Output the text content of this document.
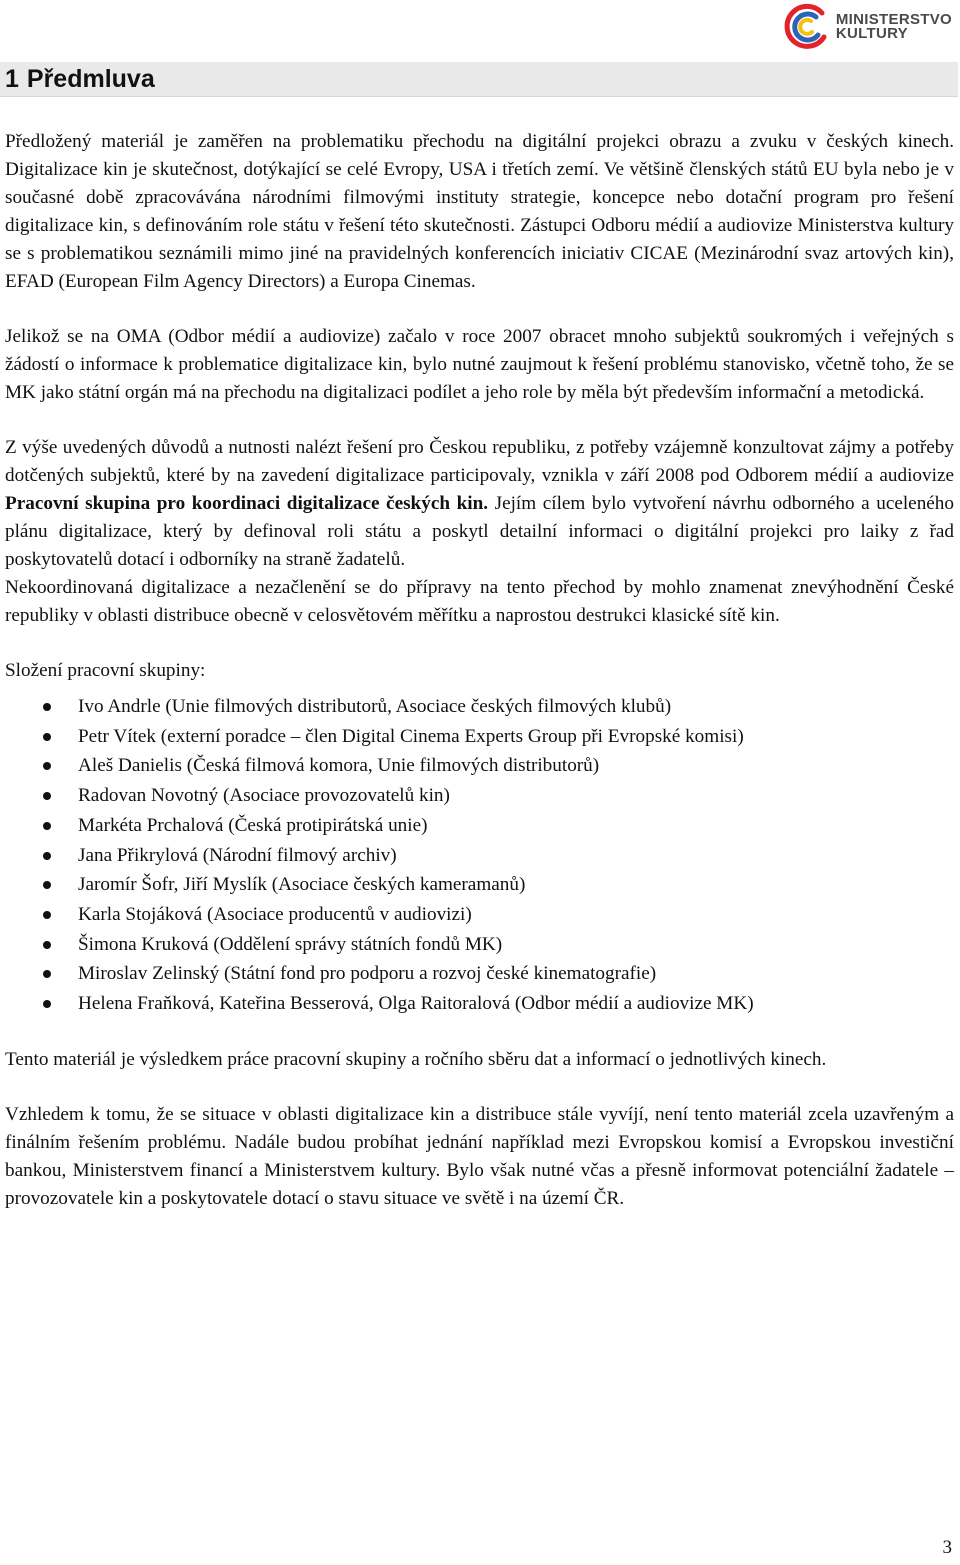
MINISTERSTVO
KULTURY
1 Předmluva

Předložený materiál je zaměřen na problematiku přechodu na digitální projekci obrazu a zvuku v českých kinech. Digitalizace kin je skutečnost, dotýkající se celé Evropy, USA i třetích zemí. Ve většině členských států EU byla nebo je v současné době zpracovávána národními filmovými instituty strategie, koncepce nebo dotační program pro řešení digitalizace kin, s definováním role státu v řešení této skutečnosti. Zástupci Odboru médií a audiovize Ministerstva kultury se s problematikou seznámili mimo jiné na pravidelných konferencích iniciativ CICAE (Mezinárodní svaz artových kin), EFAD (European Film Agency Directors) a Europa Cinemas.

Jelikož se na OMA (Odbor médií a audiovize) začalo v roce 2007 obracet mnoho subjektů soukromých i veřejných s žádostí o informace k problematice digitalizace kin, bylo nutné zaujmout k řešení problému stanovisko, včetně toho, že se MK jako státní orgán má na přechodu na digitalizaci podílet a jeho role by měla být především informační a metodická.

Z výše uvedených důvodů a nutnosti nalézt řešení pro Českou republiku, z potřeby vzájemně konzultovat zájmy a potřeby dotčených subjektů, které by na zavedení digitalizace participovaly, vznikla v září 2008 pod Odborem médií a audiovize Pracovní skupina pro koordinaci digitalizace českých kin. Jejím cílem bylo vytvoření návrhu odborného a uceleného plánu digitalizace, který by definoval roli státu a poskytl detailní informaci o digitální projekci pro laiky z řad poskytovatelů dotací i odborníky na straně žadatelů.

Nekoordinovaná digitalizace a nezačlenění se do přípravy na tento přechod by mohlo znamenat znevýhodnění České republiky v oblasti distribuce obecně v celosvětovém měřítku a naprostou destrukci klasické sítě kin.

Složení pracovní skupiny:

Ivo Andrle (Unie filmových distributorů, Asociace českých filmových klubů)
Petr Vítek (externí poradce – člen Digital Cinema Experts Group při Evropské komisi)
Aleš Danielis (Česká filmová komora, Unie filmových distributorů)
Radovan Novotný (Asociace provozovatelů kin)
Markéta Prchalová (Česká protipirátská unie)
Jana Přikrylová (Národní filmový archiv)
Jaromír Šofr, Jiří Myslík (Asociace českých kameramanů)
Karla Stojáková (Asociace producentů v audiovizi)
Šimona Kruková (Oddělení správy státních fondů MK)
Miroslav Zelinský (Státní fond pro podporu a rozvoj české kinematografie)
Helena Fraňková, Kateřina Besserová, Olga Raitoralová (Odbor médií a audiovize MK)

Tento materiál je výsledkem práce pracovní skupiny a ročního sběru dat a informací o jednotlivých kinech.

Vzhledem k tomu, že se situace v oblasti digitalizace kin a distribuce stále vyvíjí, není tento materiál zcela uzavřeným a finálním řešením problému. Nadále budou probíhat jednání například mezi Evropskou komisí a Evropskou investiční bankou, Ministerstvem financí a Ministerstvem kultury. Bylo však nutné včas a přesně informovat potenciální žadatele – provozovatele kin a poskytovatele dotací o stavu situace ve světě i na území ČR.

3
